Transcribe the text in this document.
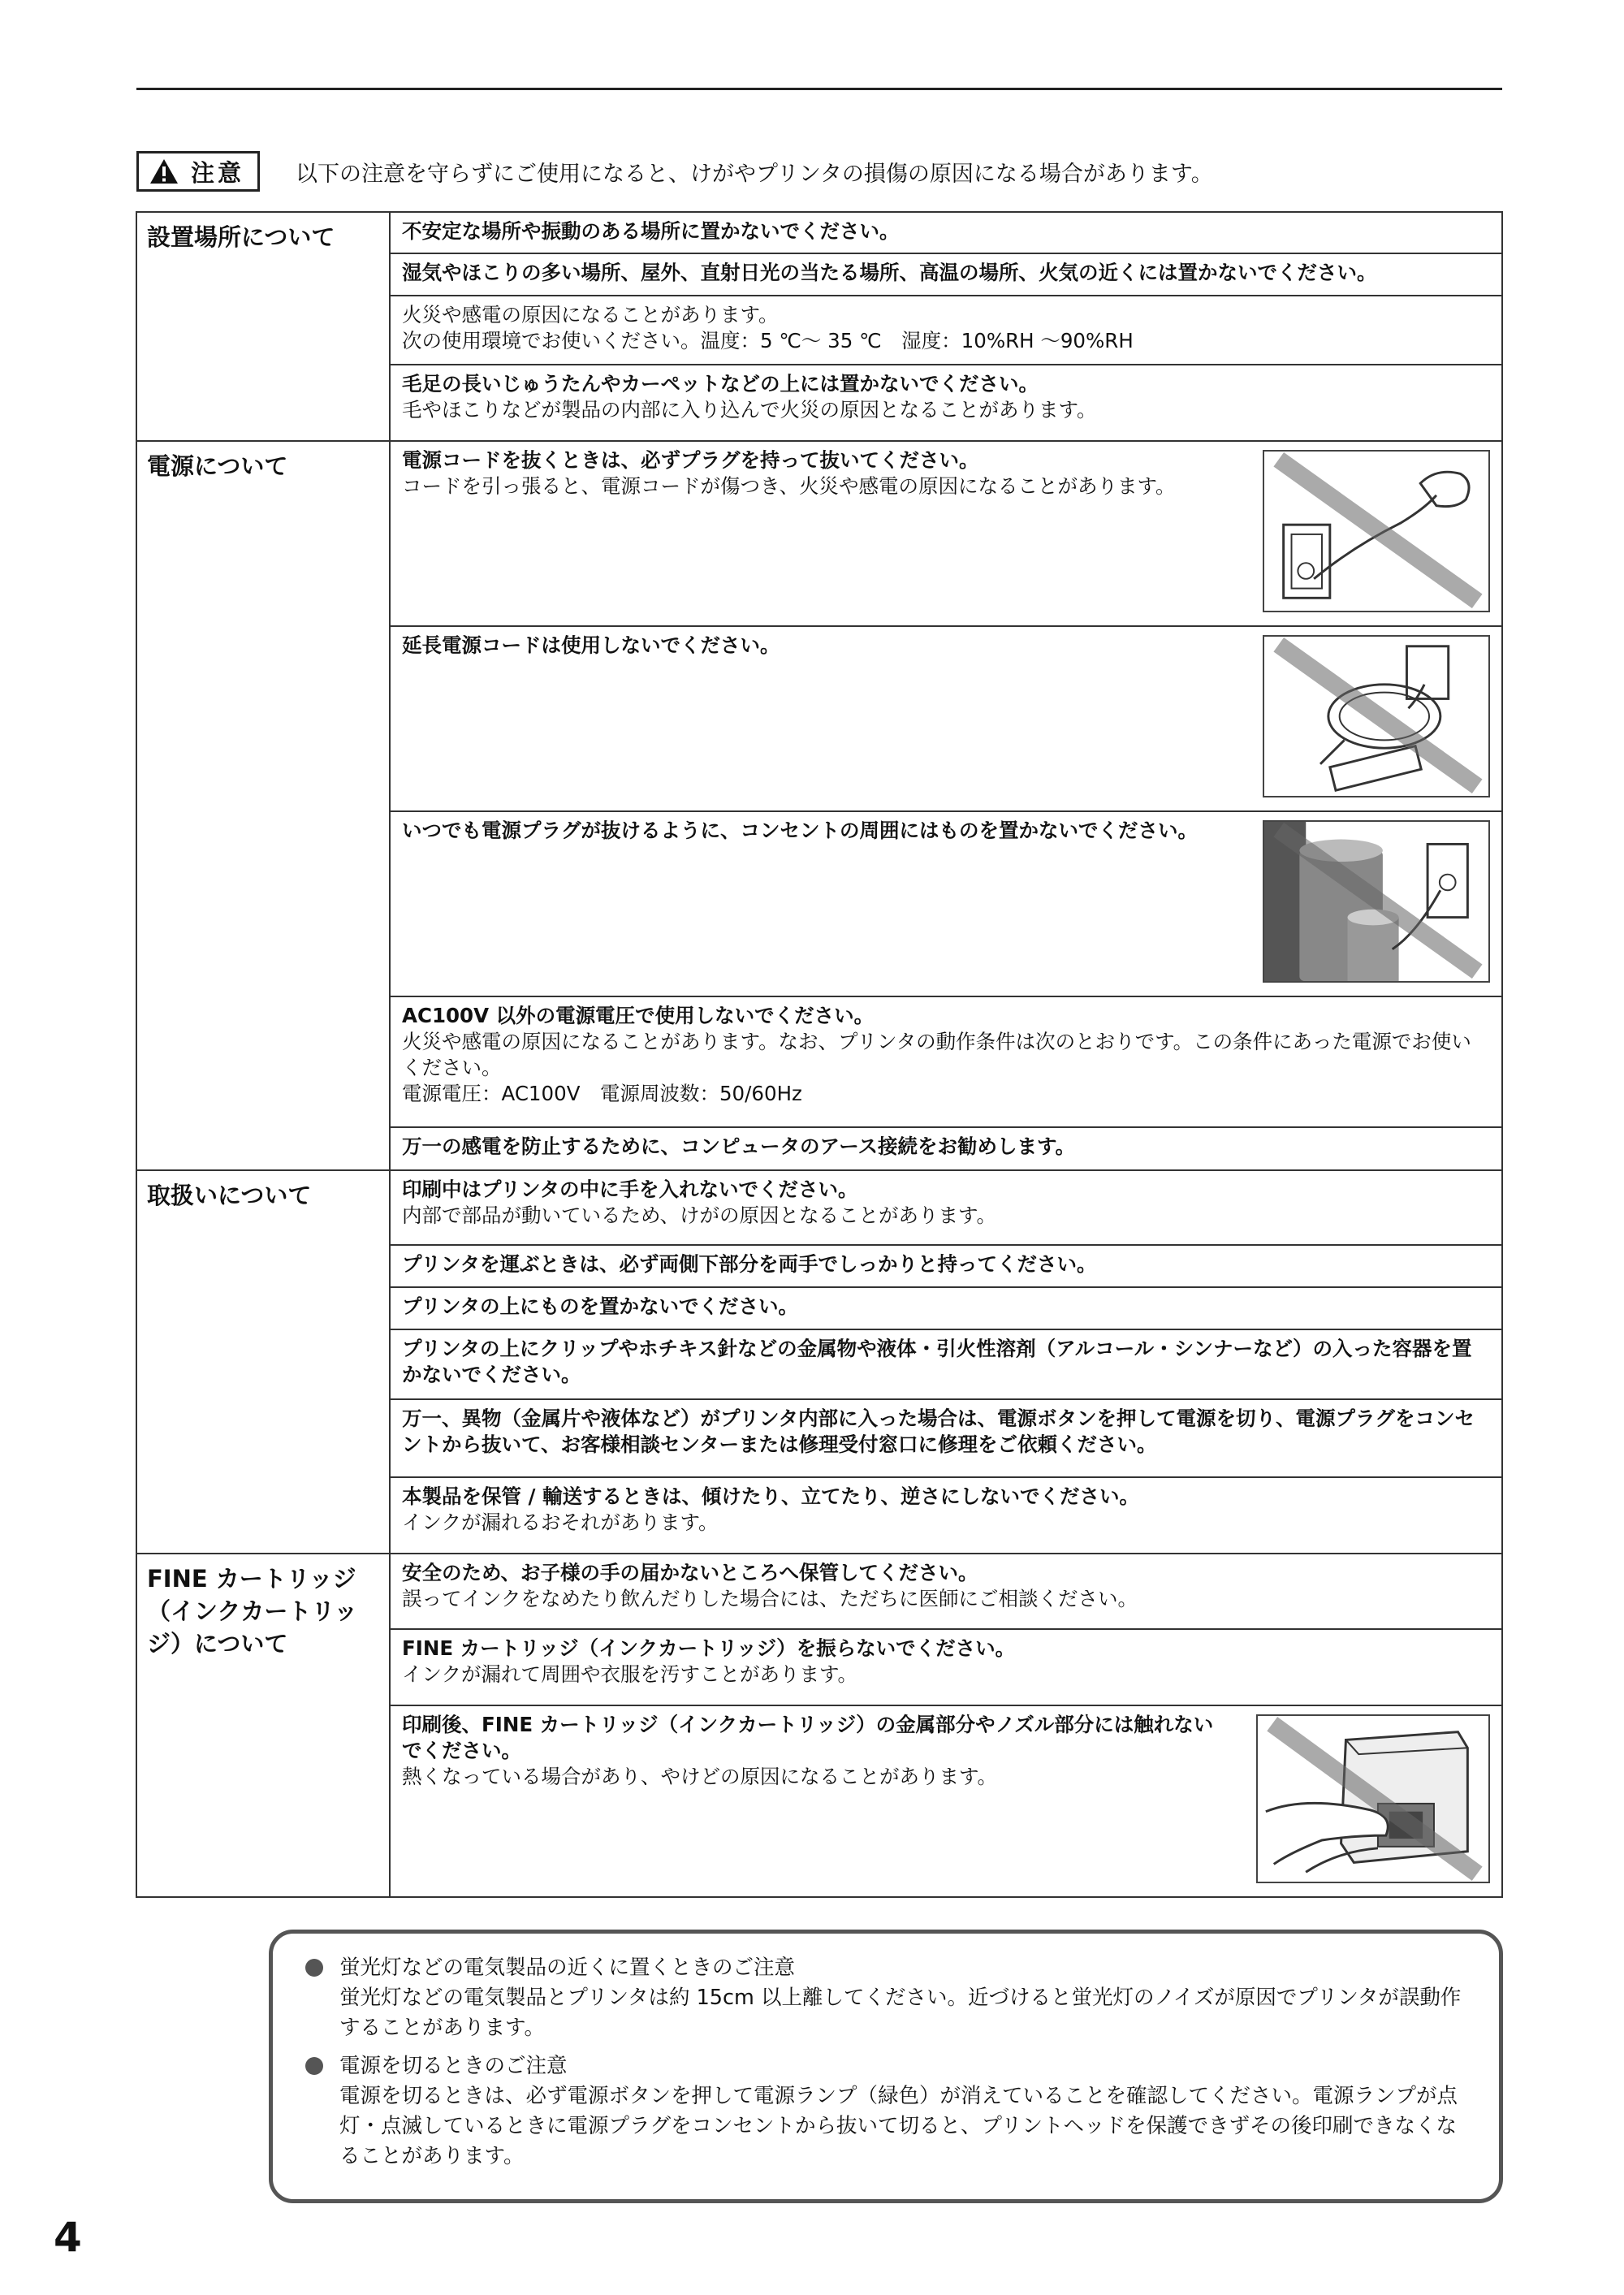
注意 以下の注意を守らずにご使用になると、けがやプリンタの損傷の原因になる場合があります。
設置場所について	不安定な場所や振動のある場所に置かないでください。

	湿気やほこりの多い場所、屋外、直射日光の当たる場所、高温の場所、火気の近くには置かないでください。

	火災や感電の原因になることがあります。
次の使用環境でお使いください。温度：5 ℃～ 35 ℃　湿度：10%RH ～90%RH

	毛足の長いじゅうたんやカーペットなどの上には置かないでください。
毛やほこりなどが製品の内部に入り込んで火災の原因となることがあります。

電源について	電源コードを抜くときは、必ずプラグを持って抜いてください。
コードを引っ張ると、電源コードが傷つき、火災や感電の原因になることがあります。

	延長電源コードは使用しないでください。

	いつでも電源プラグが抜けるように、コンセントの周囲にはものを置かないでください。

	AC100V 以外の電源電圧で使用しないでください。
火災や感電の原因になることがあります。なお、プリンタの動作条件は次のとおりです。この条件にあった電源でお使いください。
電源電圧：AC100V　電源周波数：50/60Hz

	万一の感電を防止するために、コンピュータのアース接続をお勧めします。

取扱いについて	印刷中はプリンタの中に手を入れないでください。
内部で部品が動いているため、けがの原因となることがあります。

	プリンタを運ぶときは、必ず両側下部分を両手でしっかりと持ってください。

	プリンタの上にものを置かないでください。

	プリンタの上にクリップやホチキス針などの金属物や液体・引火性溶剤（アルコール・シンナーなど）の入った容器を置かないでください。

	万一、異物（金属片や液体など）がプリンタ内部に入った場合は、電源ボタンを押して電源を切り、電源プラグをコンセントから抜いて、お客様相談センターまたは修理受付窓口に修理をご依頼ください。

	本製品を保管 / 輸送するときは、傾けたり、立てたり、逆さにしないでください。
インクが漏れるおそれがあります。

FINE カートリッジ（インクカートリッジ）について	安全のため、お子様の手の届かないところへ保管してください。
誤ってインクをなめたり飲んだりした場合には、ただちに医師にご相談ください。

	FINE カートリッジ（インクカートリッジ）を振らないでください。
インクが漏れて周囲や衣服を汚すことがあります。

	印刷後、FINE カートリッジ（インクカートリッジ）の金属部分やノズル部分には触れないでください。
熱くなっている場合があり、やけどの原因になることがあります。
蛍光灯などの電気製品の近くに置くときのご注意
蛍光灯などの電気製品とプリンタは約 15cm 以上離してください。近づけると蛍光灯のノイズが原因でプリンタが誤動作することがあります。
電源を切るときのご注意
電源を切るときは、必ず電源ボタンを押して電源ランプ（緑色）が消えていることを確認してください。電源ランプが点灯・点滅しているときに電源プラグをコンセントから抜いて切ると、プリントヘッドを保護できずその後印刷できなくなることがあります。
4
